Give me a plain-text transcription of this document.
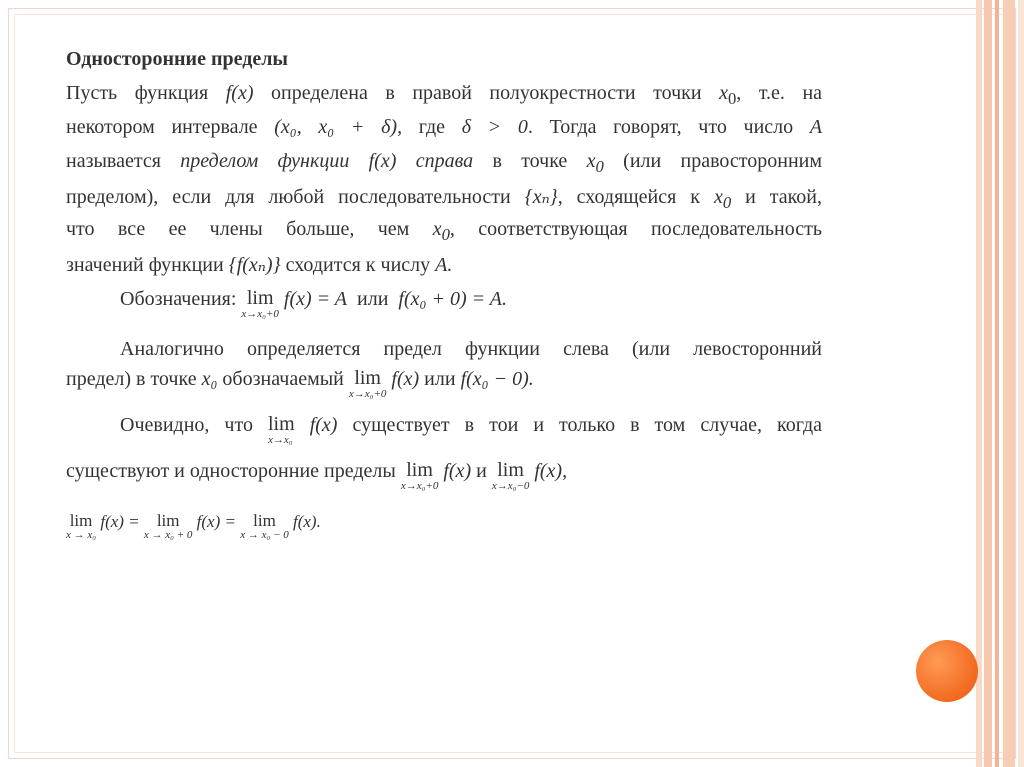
Односторонние пределы
Пусть функция f(x) определена в правой полуокрестности точки $x_0$, т.е. на
некотором интервале (x₀, x₀ + δ), где δ > 0. Тогда говорят, что число A
называется пределом функции f(x) справа в точке $x_0$ (или правосторонним
пределом), если для любой последовательности {xₙ}, сходящейся к $x_0$ и такой,
что все ее члены больше, чем $x_0$, соответствующая последовательность
значений функции {f(xₙ)} сходится к числу A.
Обозначения: lim
x→x₀+0
f(x) = A или f(x₀ + 0) = A.
Аналогично определяется предел функции слева (или левосторонний
предел) в точке x₀ обозначаемый lim
x→x₀+0
f(x) или f(x₀ − 0).
Очевидно, что lim
x→x₀
f(x) существует в тои и только в том случае, когда
существуют и односторонние пределы lim
x→x₀+0
f(x) и lim
x→x₀−0
f(x),
lim
x → x₀
f(x) =	lim
x → x₀ + 0
f(x) =	lim
x → x₀ − 0
f(x).
